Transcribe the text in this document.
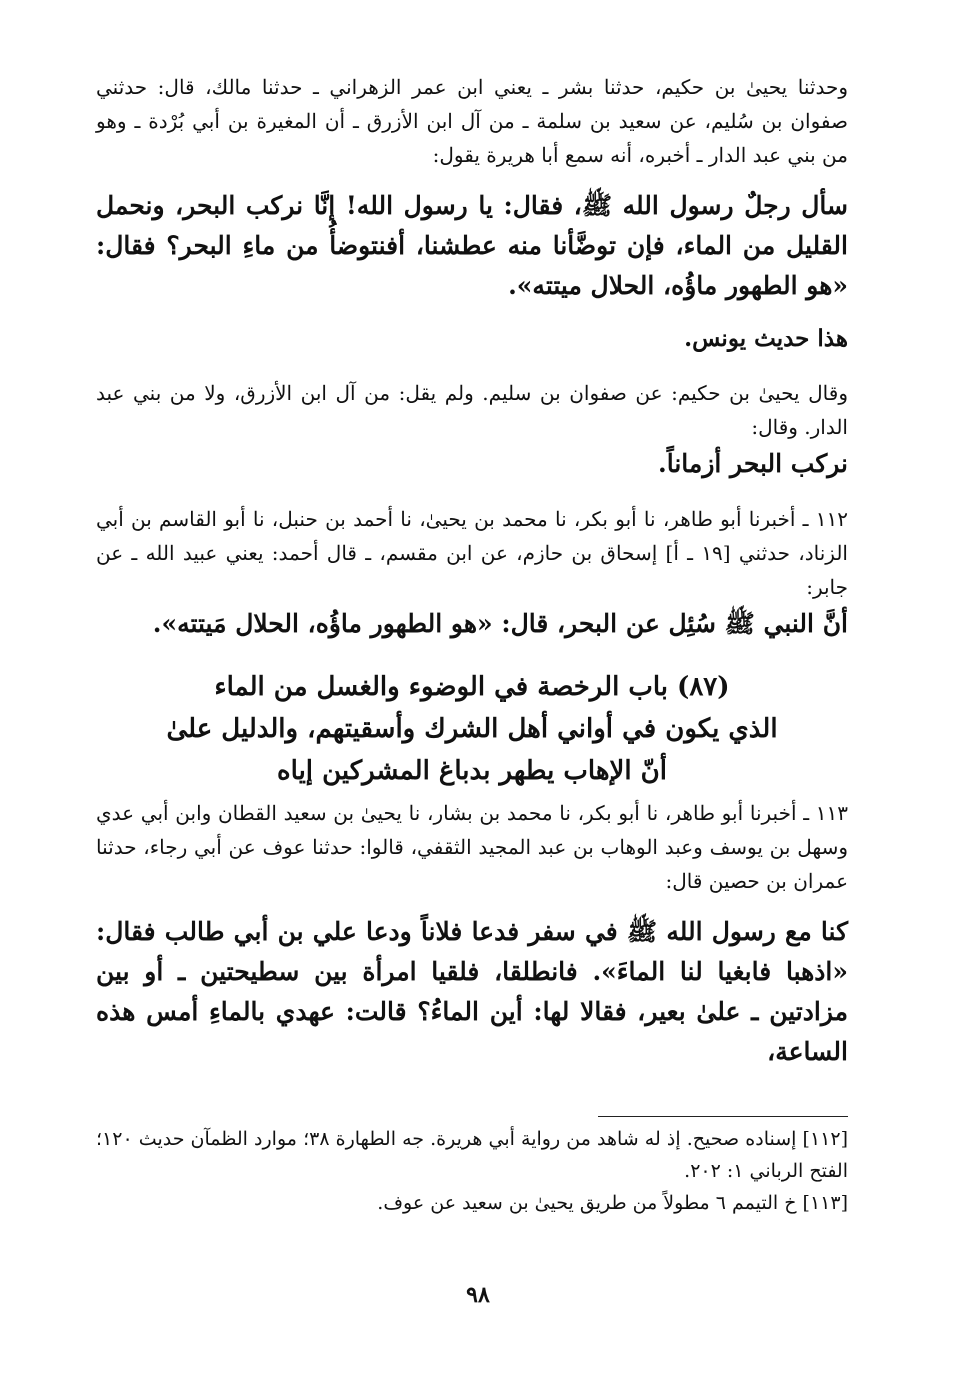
وحدثنا يحيىٰ بن حكيم، حدثنا بشر ـ يعني ابن عمر الزهراني ـ حدثنا مالك، قال: حدثني صفوان بن سُليم، عن سعيد بن سلمة ـ من آل ابن الأزرق ـ أن المغيرة بن أبي بُرْدة ـ وهو من بني عبد الدار ـ أخبره، أنه سمع أبا هريرة يقول:

سأل رجلٌ رسول الله ﷺ، فقال: يا رسول الله! إنَّا نركب البحر، ونحمل القليل من الماء، فإن توضَّأنا منه عطشنا، أفنتوضأُ من ماءِ البحر؟ فقال: «هو الطهور ماؤُه، الحلال ميتته».

هذا حديث يونس.

وقال يحيىٰ بن حكيم: عن صفوان بن سليم. ولم يقل: من آل ابن الأزرق، ولا من بني عبد الدار. وقال:

نركب البحر أزماناً.

١١٢ ـ أخبرنا أبو طاهر، نا أبو بكر، نا محمد بن يحيىٰ، نا أحمد بن حنبل، نا أبو القاسم بن أبي الزناد، حدثني [١٩ ـ أ] إسحاق بن حازم، عن ابن مقسم، ـ قال أحمد: يعني عبيد الله ـ عن جابر:

أنَّ النبي ﷺ سُئِل عن البحر، قال: «هو الطهور ماؤُه، الحلال مَيتته».

(٨٧) باب الرخصة في الوضوء والغسل من الماء
الذي يكون في أواني أهل الشرك وأسقيتهم، والدليل علىٰ
أنّ الإهاب يطهر بدباغ المشركين إياه

١١٣ ـ أخبرنا أبو طاهر، نا أبو بكر، نا محمد بن بشار، نا يحيىٰ بن سعيد القطان وابن أبي عدي وسهل بن يوسف وعبد الوهاب بن عبد المجيد الثقفي، قالوا: حدثنا عوف عن أبي رجاء، حدثنا عمران بن حصين قال:

كنا مع رسول الله ﷺ في سفر فدعا فلاناً ودعا علي بن أبي طالب فقال: «اذهبا فابغيا لنا الماءَ». فانطلقا، فلقيا امرأة بين سطيحتين ـ أو بين مزادتين ـ علىٰ بعير، فقالا لها: أين الماءُ؟ قالت: عهدي بالماءِ أمس هذه الساعة،

[١١٢] إسناده صحيح. إذ له شاهد من رواية أبي هريرة. جه الطهارة ٣٨؛ موارد الظمآن حديث ١٢٠؛ الفتح الرباني ١: ٢٠٢.

[١١٣] خ التيمم ٦ مطولاً من طريق يحيىٰ بن سعيد عن عوف.

٩٨
